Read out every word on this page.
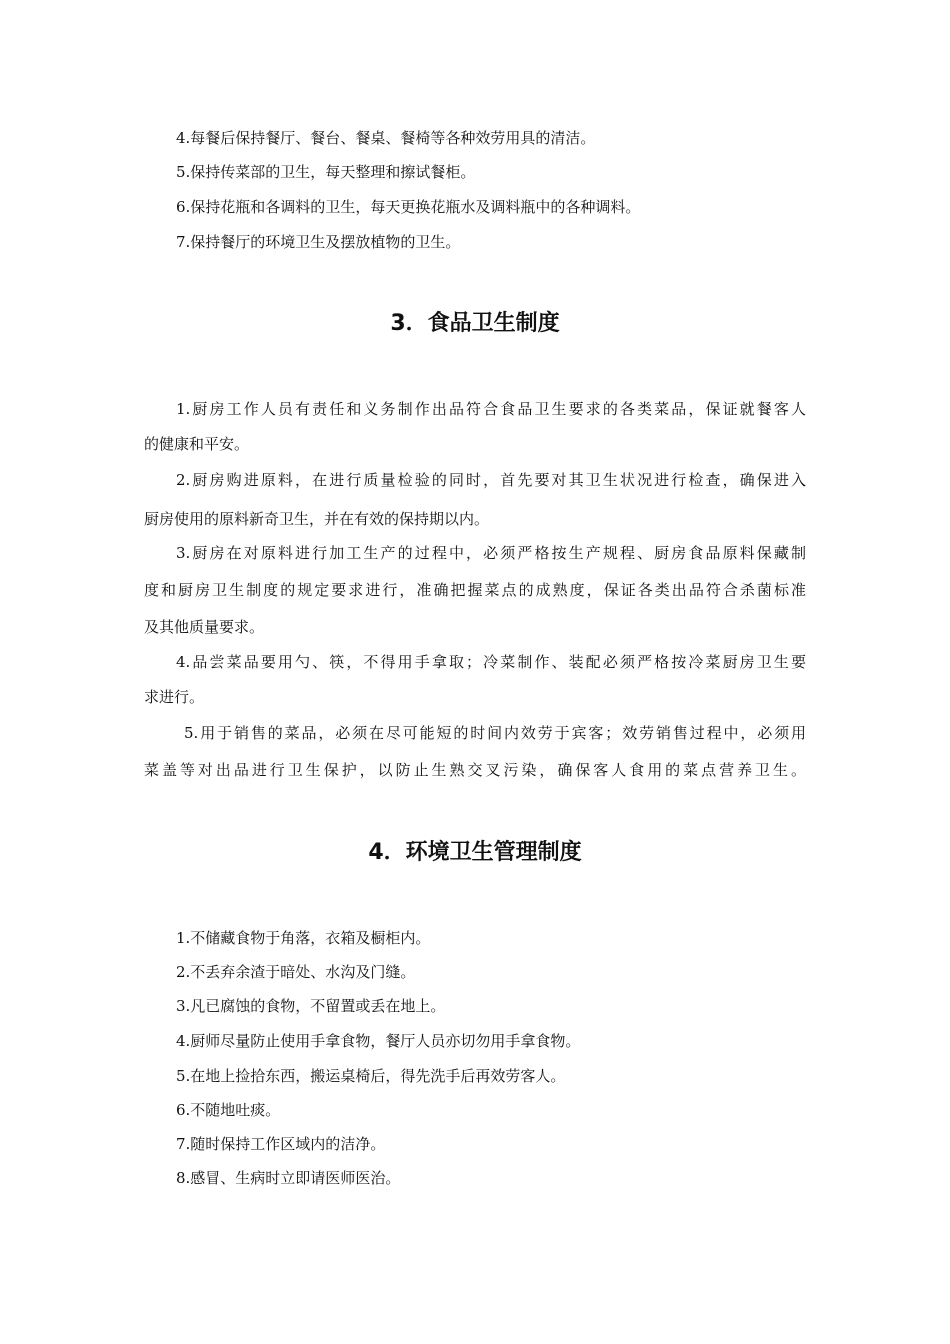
4.每餐后保持餐厅、餐台、餐桌、餐椅等各种效劳用具的清洁。
5.保持传菜部的卫生，每天整理和擦试餐柜。
6.保持花瓶和各调料的卫生，每天更换花瓶水及调料瓶中的各种调料。
7.保持餐厅的环境卫生及摆放植物的卫生。
3．食品卫生制度
1.厨房工作人员有责任和义务制作出品符合食品卫生要求的各类菜品，保证就餐客人
的健康和平安。
2.厨房购进原料，在进行质量检验的同时，首先要对其卫生状况进行检查，确保进入
厨房使用的原料新奇卫生，并在有效的保持期以内。
3.厨房在对原料进行加工生产的过程中，必须严格按生产规程、厨房食品原料保藏制
度和厨房卫生制度的规定要求进行，准确把握菜点的成熟度，保证各类出品符合杀菌标准
及其他质量要求。
4.品尝菜品要用勺、筷，不得用手拿取；冷菜制作、装配必须严格按冷菜厨房卫生要
求进行。
5.用于销售的菜品，必须在尽可能短的时间内效劳于宾客；效劳销售过程中，必须用
菜盖等对出品进行卫生保护，以防止生熟交叉污染，确保客人食用的菜点营养卫生。
4．环境卫生管理制度
1.不储藏食物于角落，衣箱及橱柜内。
2.不丢弃余渣于暗处、水沟及门缝。
3.凡已腐蚀的食物，不留置或丢在地上。
4.厨师尽量防止使用手拿食物，餐厅人员亦切勿用手拿食物。
5.在地上捡拾东西，搬运桌椅后，得先洗手后再效劳客人。
6.不随地吐痰。
7.随时保持工作区域内的洁净。
8.感冒、生病时立即请医师医治。
